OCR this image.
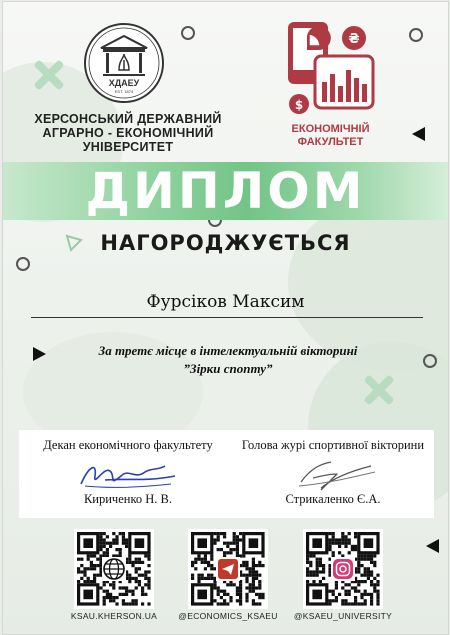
ХДАЕУ
EST. 1874
ХЕРСОНСЬКИЙ ДЕРЖАВНИЙ
АГРАРНО - ЕКОНОМІЧНИЙ
УНІВЕРСИТЕТ
₴
$
ЕКОНОМІЧНІЙ
ФАКУЛЬТЕТ
ДИПЛОМ
НАГОРОДЖУЄТЬСЯ
Фурсіков Максим
За третє місце в інтелектуальній вікторині
”Зірки спопту”
Декан економічного факультету
Кириченко Н. В.
Голова журі спортивної вікторини
Стрикаленко Є.А.
KSAU.KHERSON.UA	@ECONOMICS_KSAEU	@KSAEU_UNIVERSITY
